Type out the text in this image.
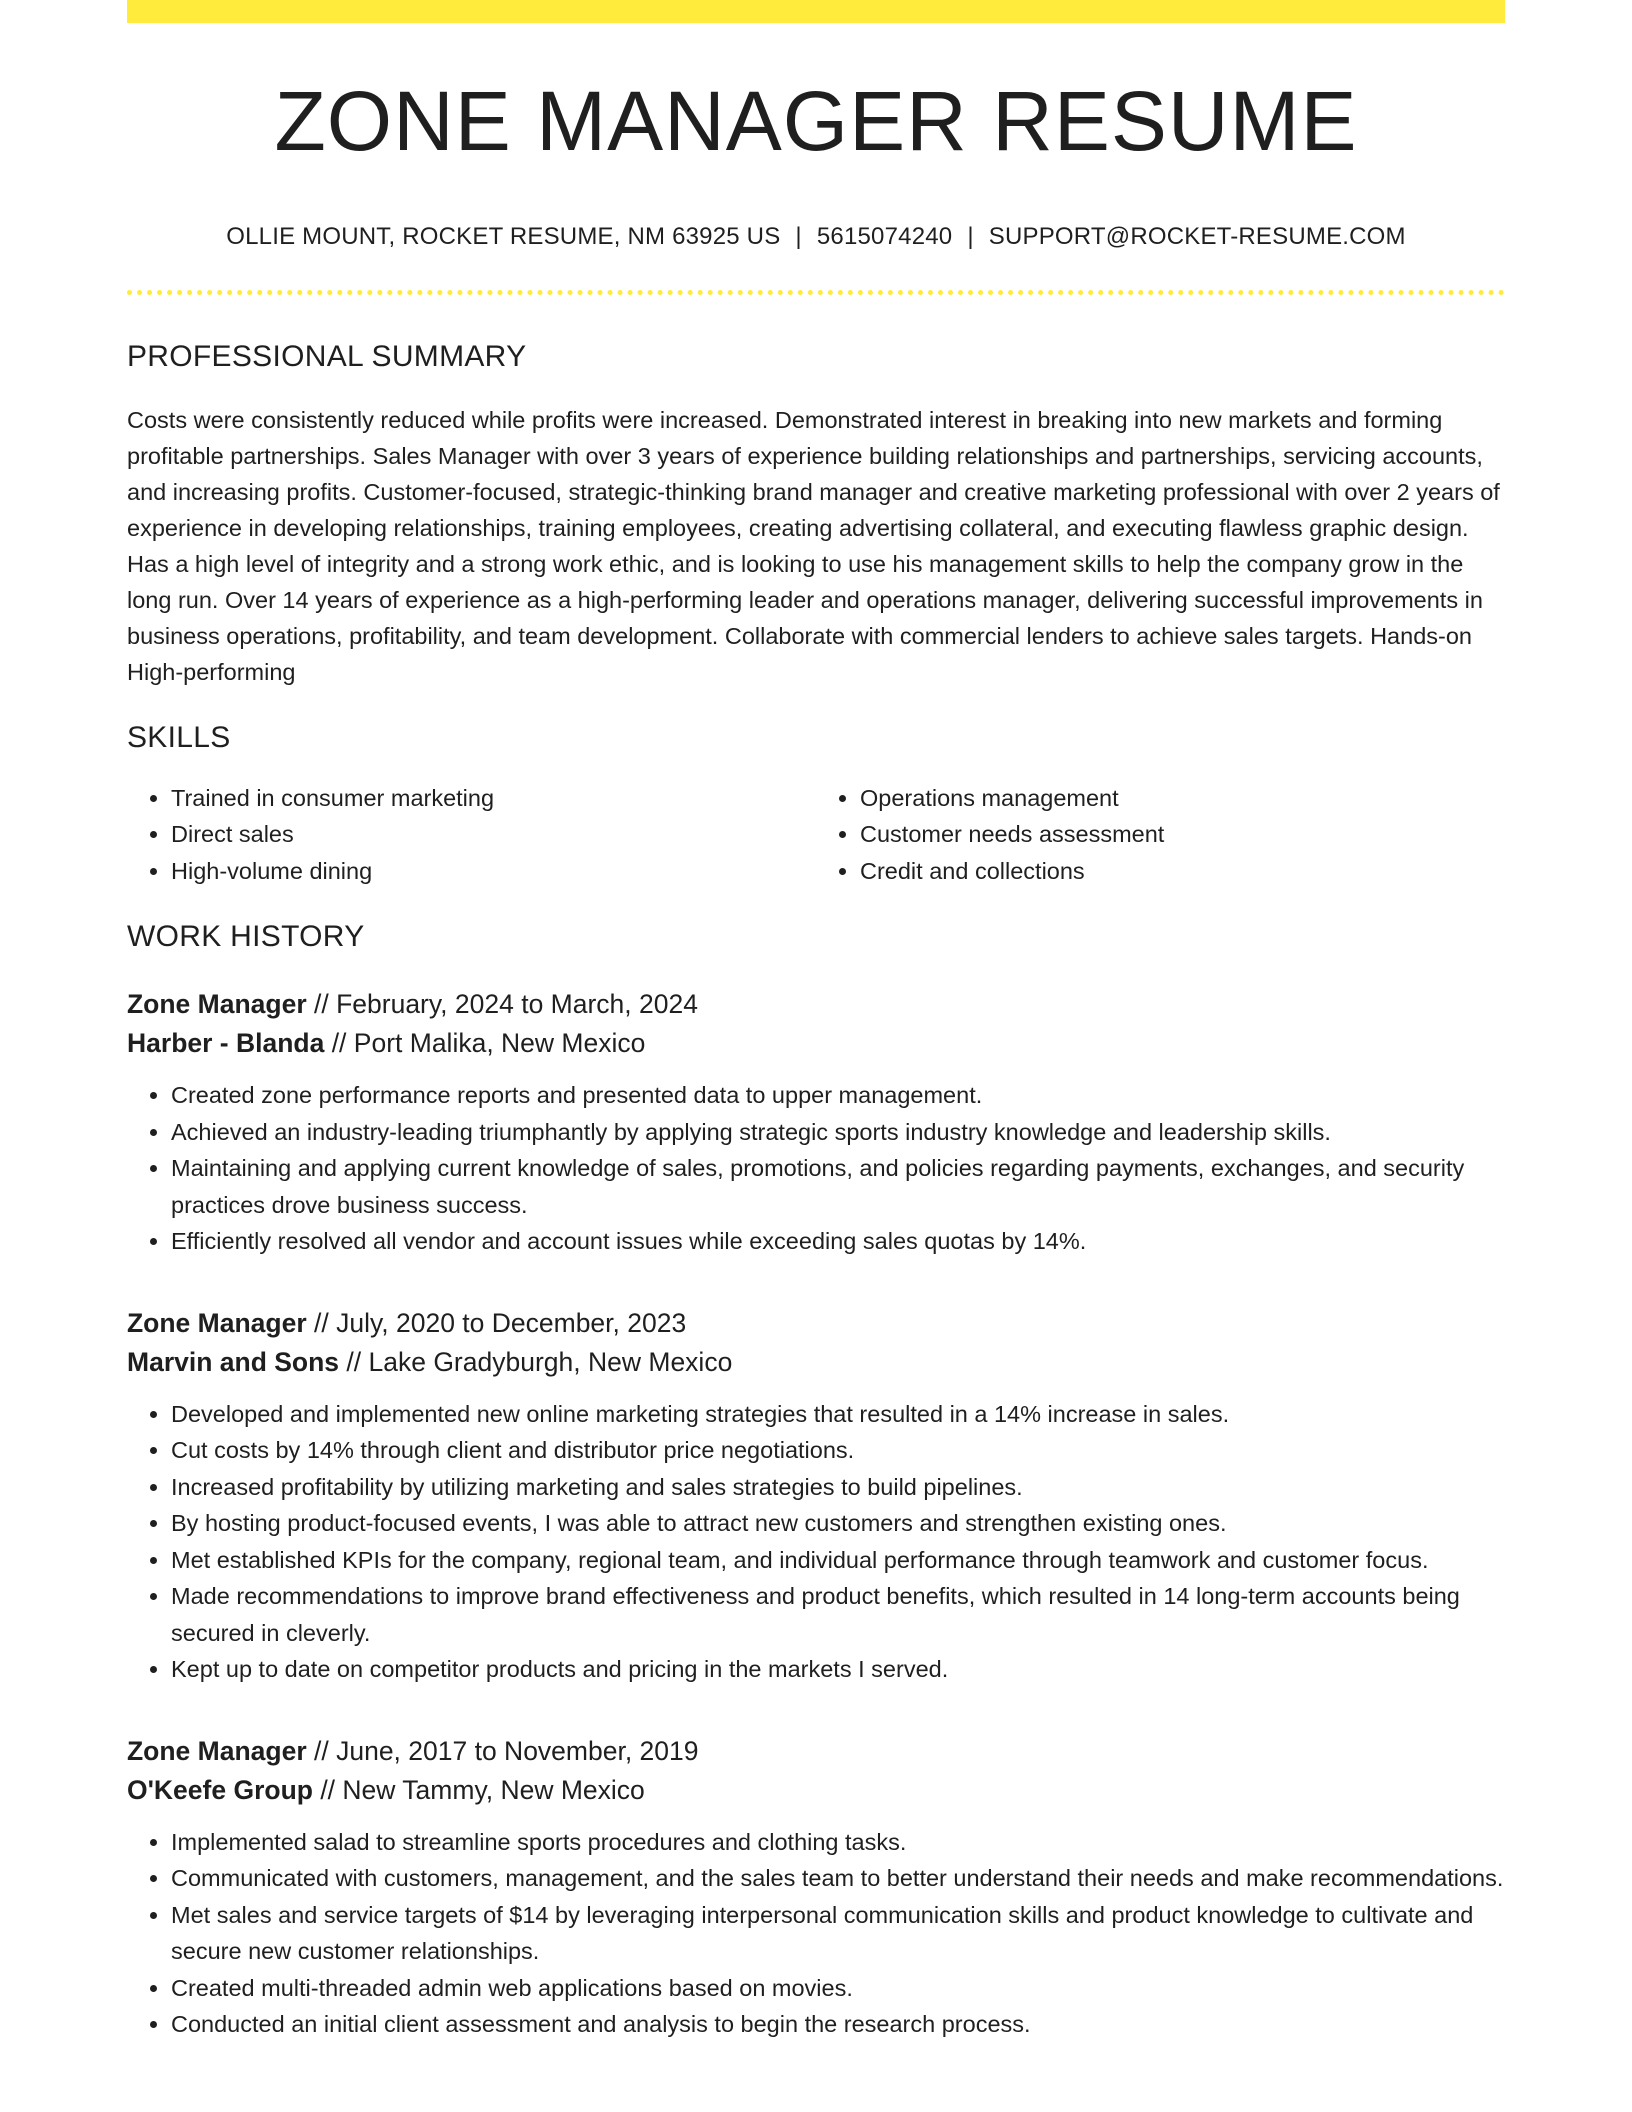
ZONE MANAGER RESUME
OLLIE MOUNT, ROCKET RESUME, NM 63925 US | 5615074240 | SUPPORT@ROCKET-RESUME.COM
PROFESSIONAL SUMMARY

Costs were consistently reduced while profits were increased. Demonstrated interest in breaking into new markets and forming profitable partnerships. Sales Manager with over 3 years of experience building relationships and partnerships, servicing accounts, and increasing profits. Customer-focused, strategic-thinking brand manager and creative marketing professional with over 2 years of experience in developing relationships, training employees, creating advertising collateral, and executing flawless graphic design. Has a high level of integrity and a strong work ethic, and is looking to use his management skills to help the company grow in the long run. Over 14 years of experience as a high-performing leader and operations manager, delivering successful improvements in business operations, profitability, and team development. Collaborate with commercial lenders to achieve sales targets. Hands-on High-performing

SKILLS
• Trained in consumer marketing
• Direct sales
• High-volume dining
• Operations management
• Customer needs assessment
• Credit and collections
WORK HISTORY
Zone Manager // February, 2024 to March, 2024
Harber - Blanda // Port Malika, New Mexico
• Created zone performance reports and presented data to upper management.
• Achieved an industry-leading triumphantly by applying strategic sports industry knowledge and leadership skills.
• Maintaining and applying current knowledge of sales, promotions, and policies regarding payments, exchanges, and security practices drove business success.
• Efficiently resolved all vendor and account issues while exceeding sales quotas by 14%.
Zone Manager // July, 2020 to December, 2023
Marvin and Sons // Lake Gradyburgh, New Mexico
• Developed and implemented new online marketing strategies that resulted in a 14% increase in sales.
• Cut costs by 14% through client and distributor price negotiations.
• Increased profitability by utilizing marketing and sales strategies to build pipelines.
• By hosting product-focused events, I was able to attract new customers and strengthen existing ones.
• Met established KPIs for the company, regional team, and individual performance through teamwork and customer focus.
• Made recommendations to improve brand effectiveness and product benefits, which resulted in 14 long-term accounts being secured in cleverly.
• Kept up to date on competitor products and pricing in the markets I served.
Zone Manager // June, 2017 to November, 2019
O'Keefe Group // New Tammy, New Mexico
• Implemented salad to streamline sports procedures and clothing tasks.
• Communicated with customers, management, and the sales team to better understand their needs and make recommendations.
• Met sales and service targets of $14 by leveraging interpersonal communication skills and product knowledge to cultivate and secure new customer relationships.
• Created multi-threaded admin web applications based on movies.
• Conducted an initial client assessment and analysis to begin the research process.
